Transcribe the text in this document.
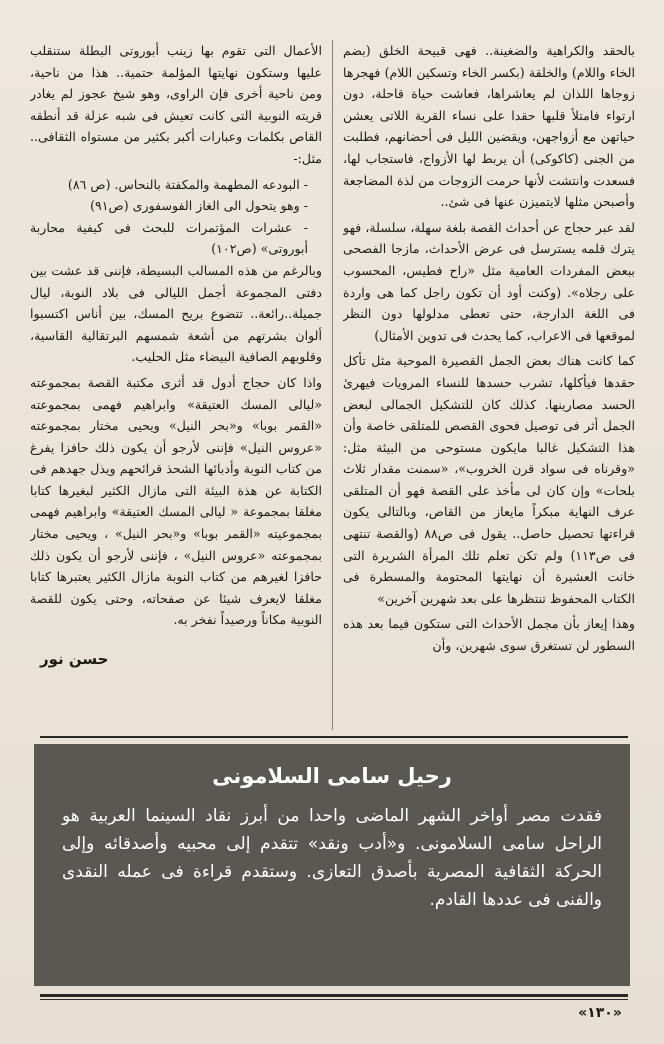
بالحقد والكراهية والضغينة.. فهى قبيحة الخلق (بضم الخاء واللام) والخلقة (بكسر الخاء وتسكين اللام) فهجرها زوجاها اللذان لم يعاشراها، فعاشت حياة قاحلة، دون ارتواء فامتلأ قلبها حقدا على نساء القرية اللاتى يعشن حياتهن مع أزواجهن، ويقضين الليل فى أحضانهم، فطلبت من الجنى (كاكوكى) أن يربط لها الأزواج، فاستجاب لها، فسعدت وانتشت لأنها حرمت الزوجات من لذة المضاجعة وأصبحن مثلها لايتميزن عنها فى شئ..

لقد عبر حجاج عن أحداث القصة بلغة سهلة، سلسلة، فهو يترك قلمه يسترسل فى عرض الأحداث، مازجا الفصحى ببعض المفردات العامية مثل «راح فطيس، المحسوب على رجلاه». (وكنت أود أن تكون راجل كما هى واردة فى اللغة الدارجة، حتى تعطى مدلولها دون النظر لموقعها فى الاعراب، كما يحدث فى تدوين الأمثال)

كما كانت هناك بعض الجمل القصيرة الموحية مثل تأكل حقدها فيأكلها، تشرب حسدها للنساء المرويات فيهرئ الحسد مصارينها. كذلك كان للتشكيل الجمالى لبعض الجمل أثر فى توصيل فحوى القصص للمتلقى خاصة وأن هذا التشكيل غالبا مايكون مستوحى من البيئة مثل: «وقرناه فى سواد قرن الخروب»، «سمنت مقدار ثلاث بلحات» وإن كان لى مأخذ على القصة فهو أن المتلقى عرف النهاية مبكراً مايعاز من القاص، وبالتالى يكون قراءتها تحصيل حاصل.. يقول فى ص٨٨ (والقصة تنتهى فى ص١١٣) ولم تكن تعلم تلك المرأة الشريرة التى خانت العشيرة أن نهايتها المحتومة والمسطرة فى الكتاب المحفوظ تنتظرها على بعد شهرين آخرين»

وهذا إيعاز بأن مجمل الأحداث التى ستكون فيما بعد هذه السطور لن تستغرق سوى شهرين، وأن

الأعمال التى تقوم بها زينب أبوروتى البطلة ستنقلب عليها وستكون نهايتها المؤلمة حتمية.. هذا من ناحية، ومن ناحية أخرى فإن الراوى، وهو شيخ عجوز لم يغادر قريته النوبية التى كانت تعيش فى شبه عزلة قد أنطقه القاص بكلمات وعبارات أكبر بكثير من مستواه الثقافى.. مثل:-

- البودعه المطهمة والمكفتة بالنحاس. (ص ٨٦)

- وهو يتحول الى الغاز الفوسفورى (ص٩١)

- عشرات المؤتمرات للبحث فى كيفية محاربة أبوروتى» (ص١٠٢)

وبالرغم من هذه المسالب البسيطة، فإننى قد عشت بين دفتى المجموعة أجمل الليالى فى بلاد النوبة، ليال جميلة..رائعة.. تتضوع بريح المسك، بين أناس اكتسبوا ألوان بشرتهم من أشعة شمسهم البرتقالية القاسية، وقلوبهم الصافية البيضاء مثل الحليب.

واذا كان حجاج أدول قد أثرى مكتبة القصة بمجموعته «ليالى المسك العتيقة» وابراهيم فهمى بمجموعته «القمر بوبا» و«بحر النيل» ويحيى مختار بمجموعته «عروس النيل» فإننى لأرجو أن يكون ذلك حافزا يفرغ من كتاب النوبة وأدبائها الشحذ قرائحهم ويذل جهدهم فى الكتابة عن هذة البيئة التى مازال الكثير لبغيرها كتابا مغلقا بمجموعة « ليالى المسك العتيقة» وابراهيم فهمى بمجموعيته «القمر بوبا» و«بحر النيل» ، ويحيى مختار بمجموعته «عروس النيل» ، فإننى لأرجو أن يكون ذلك حافزا لغيرهم من كتاب النوبة مازال الكثير يعتبرها كتابا مغلقا لايعرف شيئا عن صفحاته، وحتى يكون للقصة النوبية مكاناً ورصيداً نفخر به.

حسن نور

رحيل سامى السلامونى

فقدت مصر أواخر الشهر الماضى واحدا من أبرز نقاد السينما العربية هو الراحل سامى السلامونى. و«أدب ونقد» تتقدم إلى محبيه وأصدقائه وإلى الحركة الثقافية المصرية بأصدق التعازى. وستقدم قراءة فى عمله النقدى والفنى فى عددها القادم.

«١٣٠»
